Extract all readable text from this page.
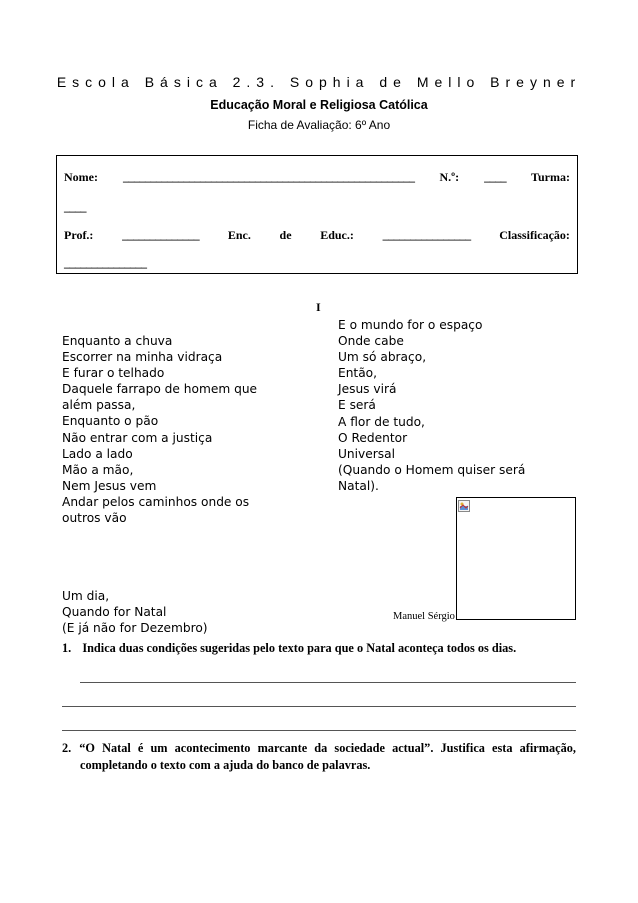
Escola Básica 2.3. Sophia de Mello Breyner
Educação Moral e Religiosa Católica
Ficha de Avaliação: 6º Ano
Nome: _____________________________________________________ N.º: ____ Turma:
____
Prof.: ______________ Enc. de Educ.: ________________ Classificação:
_______________
I
Enquanto a chuva
Escorrer na minha vidraça
E furar o telhado
Daquele farrapo de homem que
além passa,
Enquanto o pão
Não entrar com a justiça
Lado a lado
Mão a mão,
Nem Jesus vem
Andar pelos caminhos onde os
outros vão
Um dia,
Quando for Natal
(E já não for Dezembro)
E o mundo for o espaço
Onde cabe
Um só abraço,
Então,
Jesus virá
E será
A flor de tudo,
O Redentor
Universal
(Quando o Homem quiser será
Natal).
Manuel Sérgio
1. Indica duas condições sugeridas pelo texto para que o Natal aconteça todos os dias.
2. “O Natal é um acontecimento marcante da sociedade actual”. Justifica esta afirmação,
completando o texto com a ajuda do banco de palavras.
